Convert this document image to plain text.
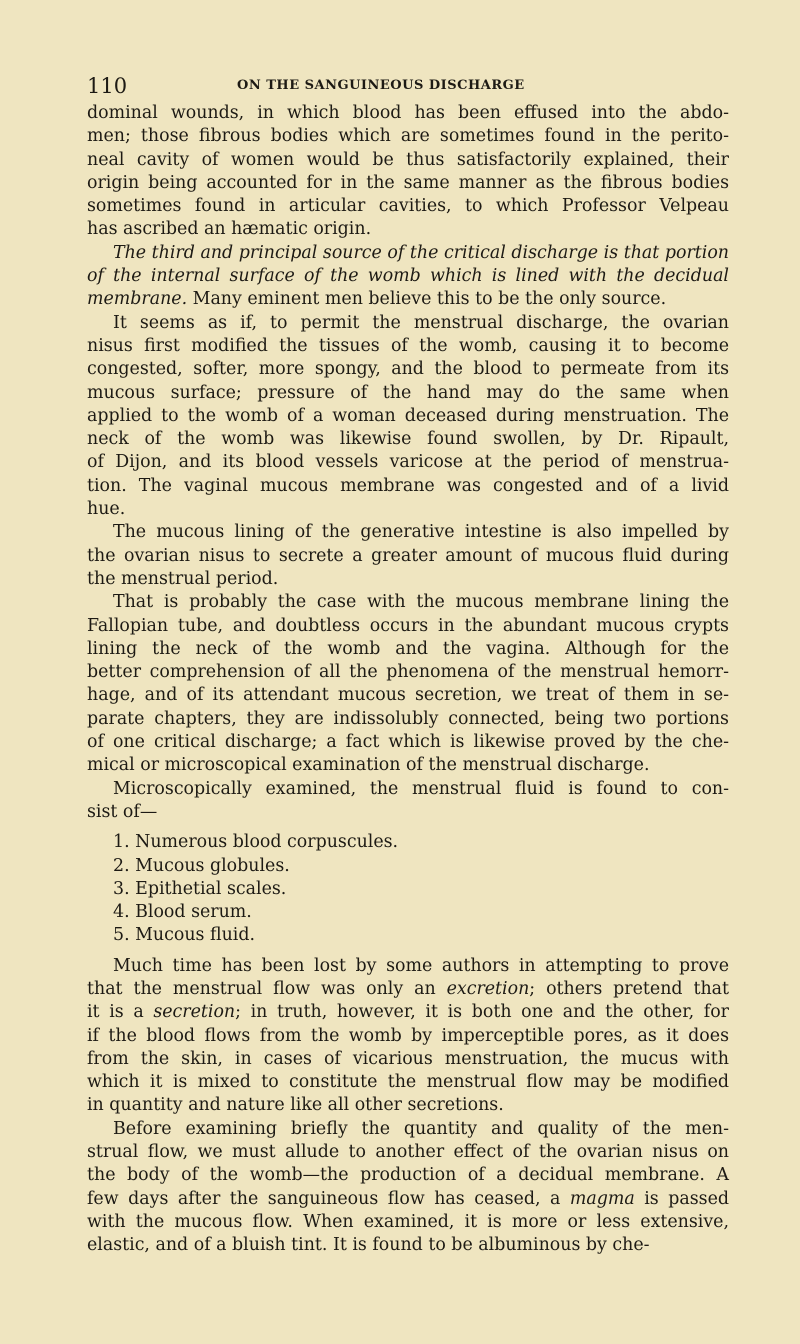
110	ON THE SANGUINEOUS DISCHARGE
dominal wounds, in which blood has been effused into the abdo-
men; those fibrous bodies which are sometimes found in the perito-
neal cavity of women would be thus satisfactorily explained, their
origin being accounted for in the same manner as the fibrous bodies
sometimes found in articular cavities, to which Professor Velpeau
has ascribed an hæmatic origin.
The third and principal source of the critical discharge is that portion
of the internal surface of the womb which is lined with the decidual
membrane. Many eminent men believe this to be the only source.
It seems as if, to permit the menstrual discharge, the ovarian
nisus first modified the tissues of the womb, causing it to become
congested, softer, more spongy, and the blood to permeate from its
mucous surface; pressure of the hand may do the same when
applied to the womb of a woman deceased during menstruation. The
neck of the womb was likewise found swollen, by Dr. Ripault,
of Dijon, and its blood vessels varicose at the period of menstrua-
tion. The vaginal mucous membrane was congested and of a livid
hue.
The mucous lining of the generative intestine is also impelled by
the ovarian nisus to secrete a greater amount of mucous fluid during
the menstrual period.
That is probably the case with the mucous membrane lining the
Fallopian tube, and doubtless occurs in the abundant mucous crypts
lining the neck of the womb and the vagina. Although for the
better comprehension of all the phenomena of the menstrual hemorr-
hage, and of its attendant mucous secretion, we treat of them in se-
parate chapters, they are indissolubly connected, being two portions
of one critical discharge; a fact which is likewise proved by the che-
mical or microscopical examination of the menstrual discharge.
Microscopically examined, the menstrual fluid is found to con-
sist of—
1. Numerous blood corpuscules.
2. Mucous globules.
3. Epithetial scales.
4. Blood serum.
5. Mucous fluid.
Much time has been lost by some authors in attempting to prove
that the menstrual flow was only an excretion; others pretend that
it is a secretion; in truth, however, it is both one and the other, for
if the blood flows from the womb by imperceptible pores, as it does
from the skin, in cases of vicarious menstruation, the mucus with
which it is mixed to constitute the menstrual flow may be modified
in quantity and nature like all other secretions.
Before examining briefly the quantity and quality of the men-
strual flow, we must allude to another effect of the ovarian nisus on
the body of the womb—the production of a decidual membrane. A
few days after the sanguineous flow has ceased, a magma is passed
with the mucous flow. When examined, it is more or less extensive,
elastic, and of a bluish tint. It is found to be albuminous by che-
